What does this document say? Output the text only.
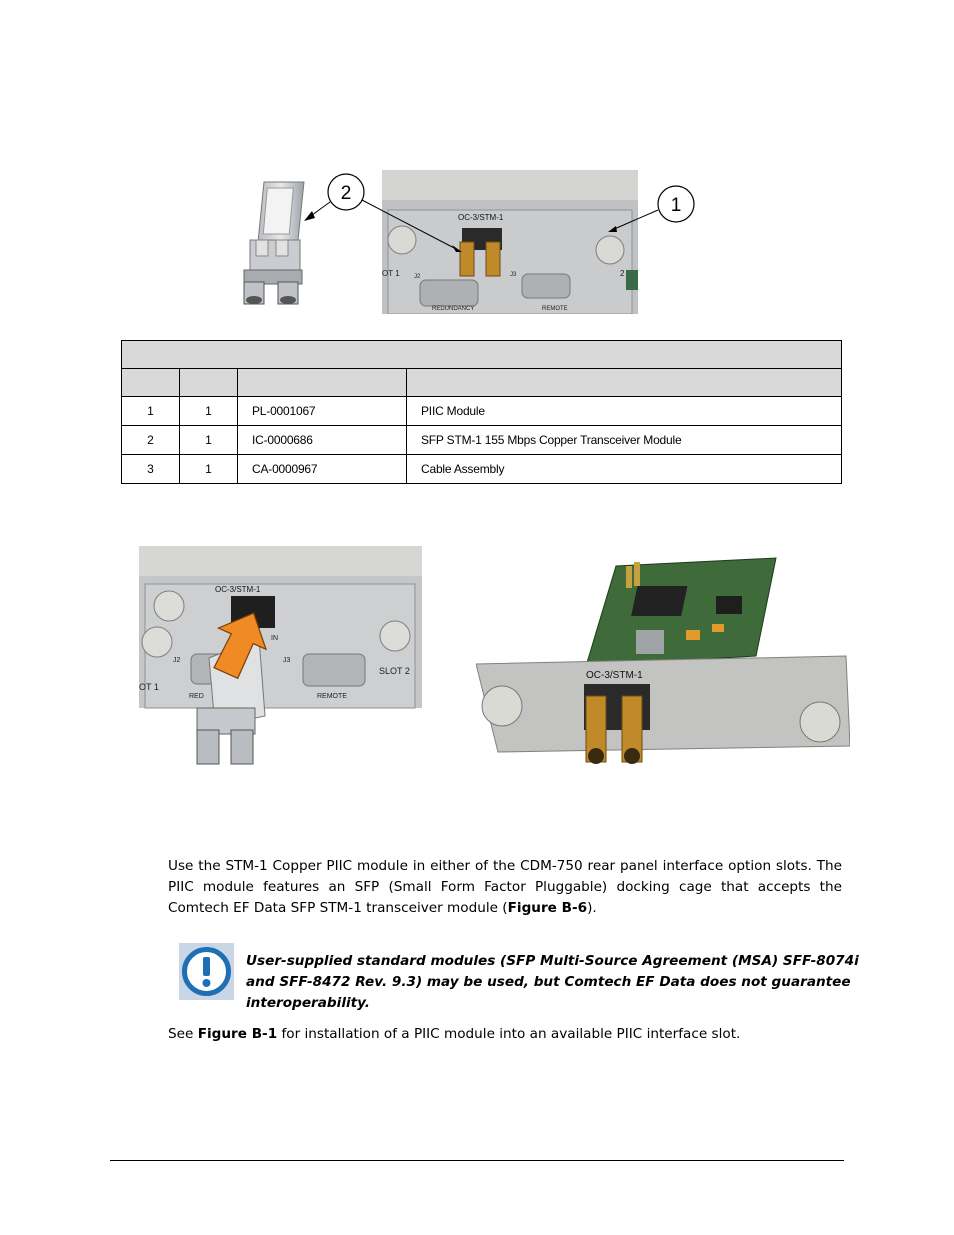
OC-3/STM-1
J2	J3
OT 1	2
REDUNDANCY	REMOTE
2
1

1	1	PL-0001067	PIIC Module
2	1	IC-0000686	SFP STM-1 155 Mbps Copper Transceiver Module
3	1	CA-0000967	Cable Assembly
OC-3/STM-1
OT 1
J2	J3
SLOT 2
RED	REMOTE
IN
OC-3/STM-1
Use the STM-1 Copper PIIC module in either of the CDM-750 rear panel interface option slots. The PIIC module features an SFP (Small Form Factor Pluggable) docking cage that accepts the Comtech EF Data SFP STM-1 transceiver module (Figure B-6).
User-supplied standard modules (SFP Multi-Source Agreement (MSA) SFF-8074i and SFF-8472 Rev. 9.3) may be used, but Comtech EF Data does not guarantee interoperability.
See Figure B-1 for installation of a PIIC module into an available PIIC interface slot.
